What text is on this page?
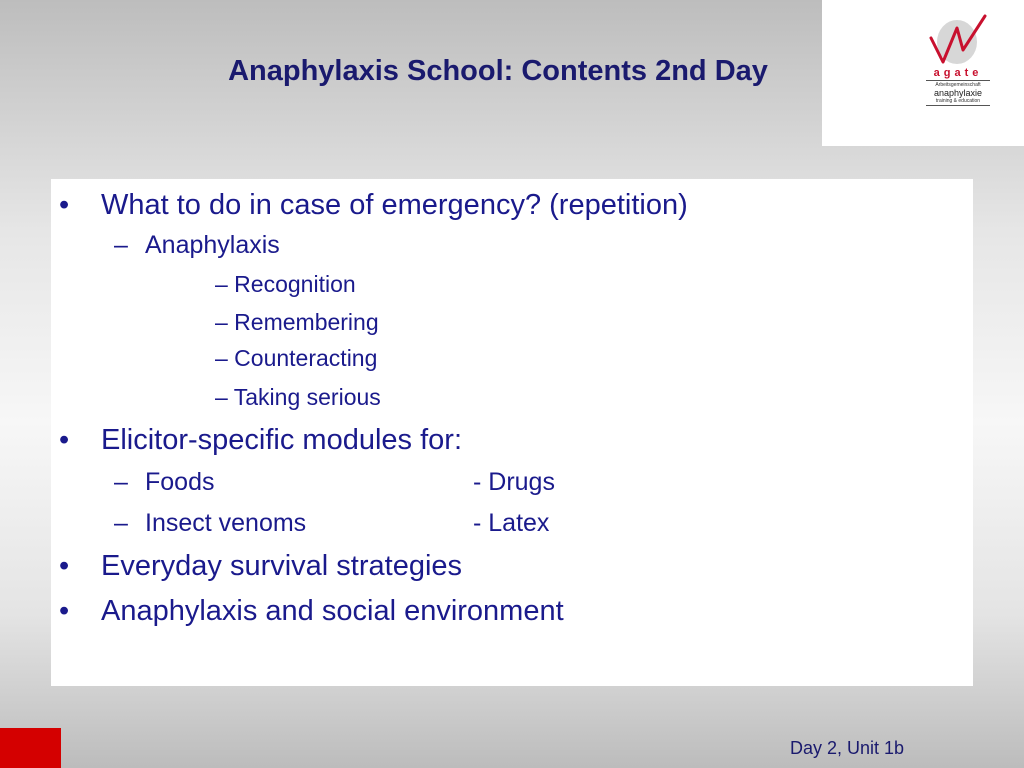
Anaphylaxis School: Contents 2nd Day	agate
Arbeitsgemeinschaft
anaphylaxie
training & education
•	What to do in case of emergency? (repetition)
– Anaphylaxis
– Recognition
– Remembering
– Counteracting
– Taking serious
•	Elicitor-specific modules for:
– Foods	- Drugs
– Insect venoms	- Latex
•	Everyday survival strategies
•	Anaphylaxis and social environment
Day 2, Unit 1b
